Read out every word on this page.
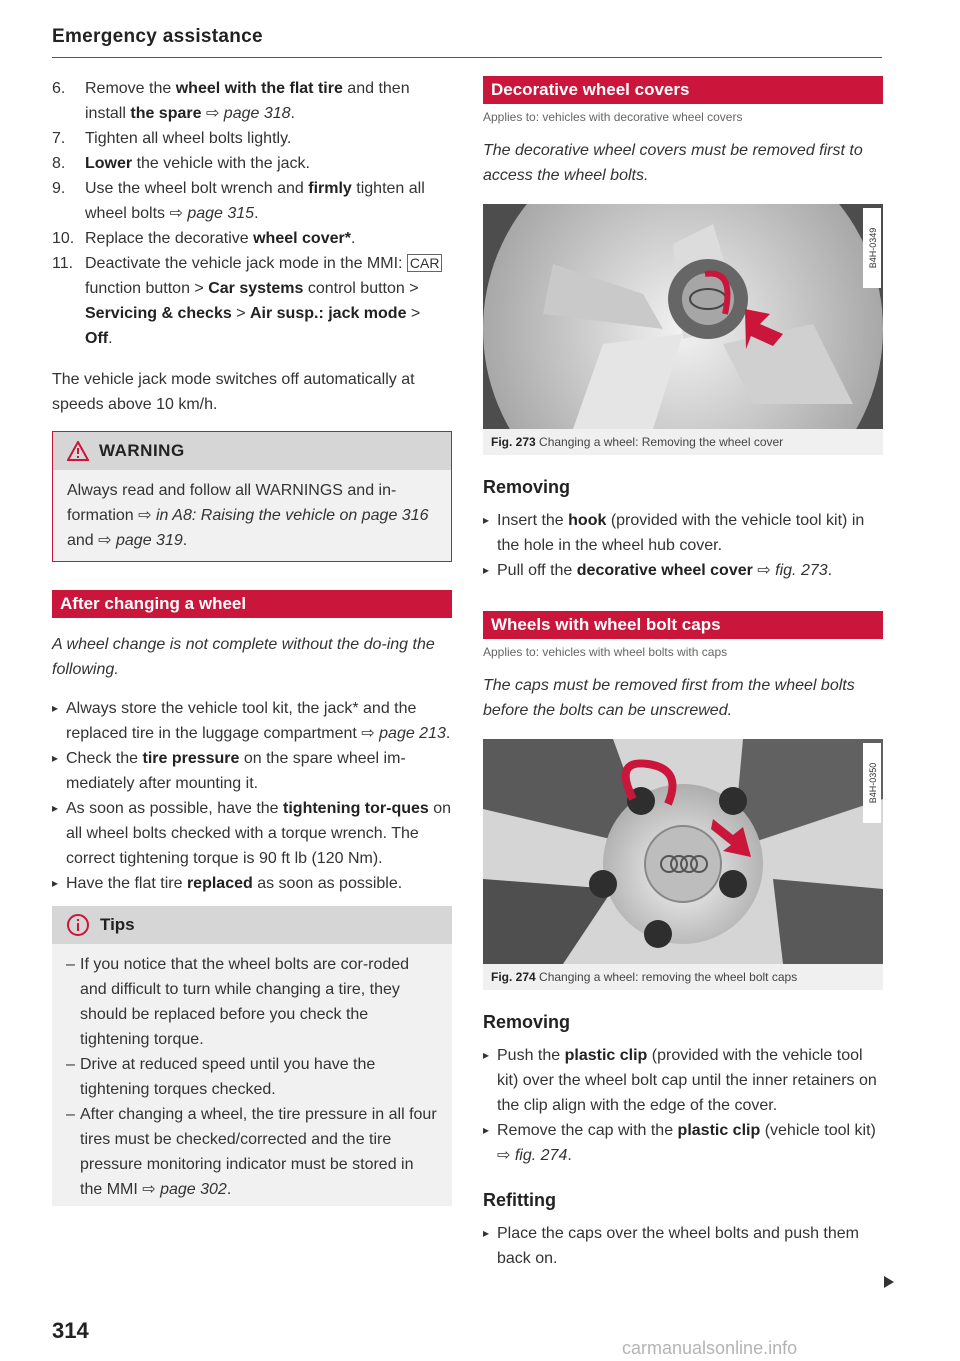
Emergency assistance
6. Remove the wheel with the flat tire and then install the spare ⇨ page 318.
7. Tighten all wheel bolts lightly.
8. Lower the vehicle with the jack.
9. Use the wheel bolt wrench and firmly tighten all wheel bolts ⇨ page 315.
10. Replace the decorative wheel cover*.
11. Deactivate the vehicle jack mode in the MMI: CAR function button > Car systems control button > Servicing & checks > Air susp.: jack mode > Off.

The vehicle jack mode switches off automatically at speeds above 10 km/h.

WARNING
Always read and follow all WARNINGS and in-formation ⇨ in A8: Raising the vehicle on page 316 and ⇨ page 319.
After changing a wheel

A wheel change is not complete without the do-ing the following.

▸ Always store the vehicle tool kit, the jack* and the replaced tire in the luggage compartment ⇨ page 213.
▸ Check the tire pressure on the spare wheel im-mediately after mounting it.
▸ As soon as possible, have the tightening tor-ques on all wheel bolts checked with a torque wrench. The correct tightening torque is 90 ft lb (120 Nm).
▸ Have the flat tire replaced as soon as possible.
Tips
– If you notice that the wheel bolts are cor-roded and difficult to turn while changing a tire, they should be replaced before you check the tightening torque.
– Drive at reduced speed until you have the tightening torques checked.
– After changing a wheel, the tire pressure in all four tires must be checked/corrected and the tire pressure monitoring indicator must be stored in the MMI ⇨ page 302.
Decorative wheel covers

Applies to: vehicles with decorative wheel covers

The decorative wheel covers must be removed first to access the wheel bolts.

B4H-0349
Fig. 273 Changing a wheel: Removing the wheel cover
Removing
▸ Insert the hook (provided with the vehicle tool kit) in the hole in the wheel hub cover.
▸ Pull off the decorative wheel cover ⇨ fig. 273.
Wheels with wheel bolt caps

Applies to: vehicles with wheel bolts with caps

The caps must be removed first from the wheel bolts before the bolts can be unscrewed.

B4H-0350
Fig. 274 Changing a wheel: removing the wheel bolt caps
Removing
▸ Push the plastic clip (provided with the vehicle tool kit) over the wheel bolt cap until the inner retainers on the clip align with the edge of the cover.
▸ Remove the cap with the plastic clip (vehicle tool kit) ⇨ fig. 274.
Refitting
▸ Place the caps over the wheel bolts and push them back on.
314
carmanualsonline.info
